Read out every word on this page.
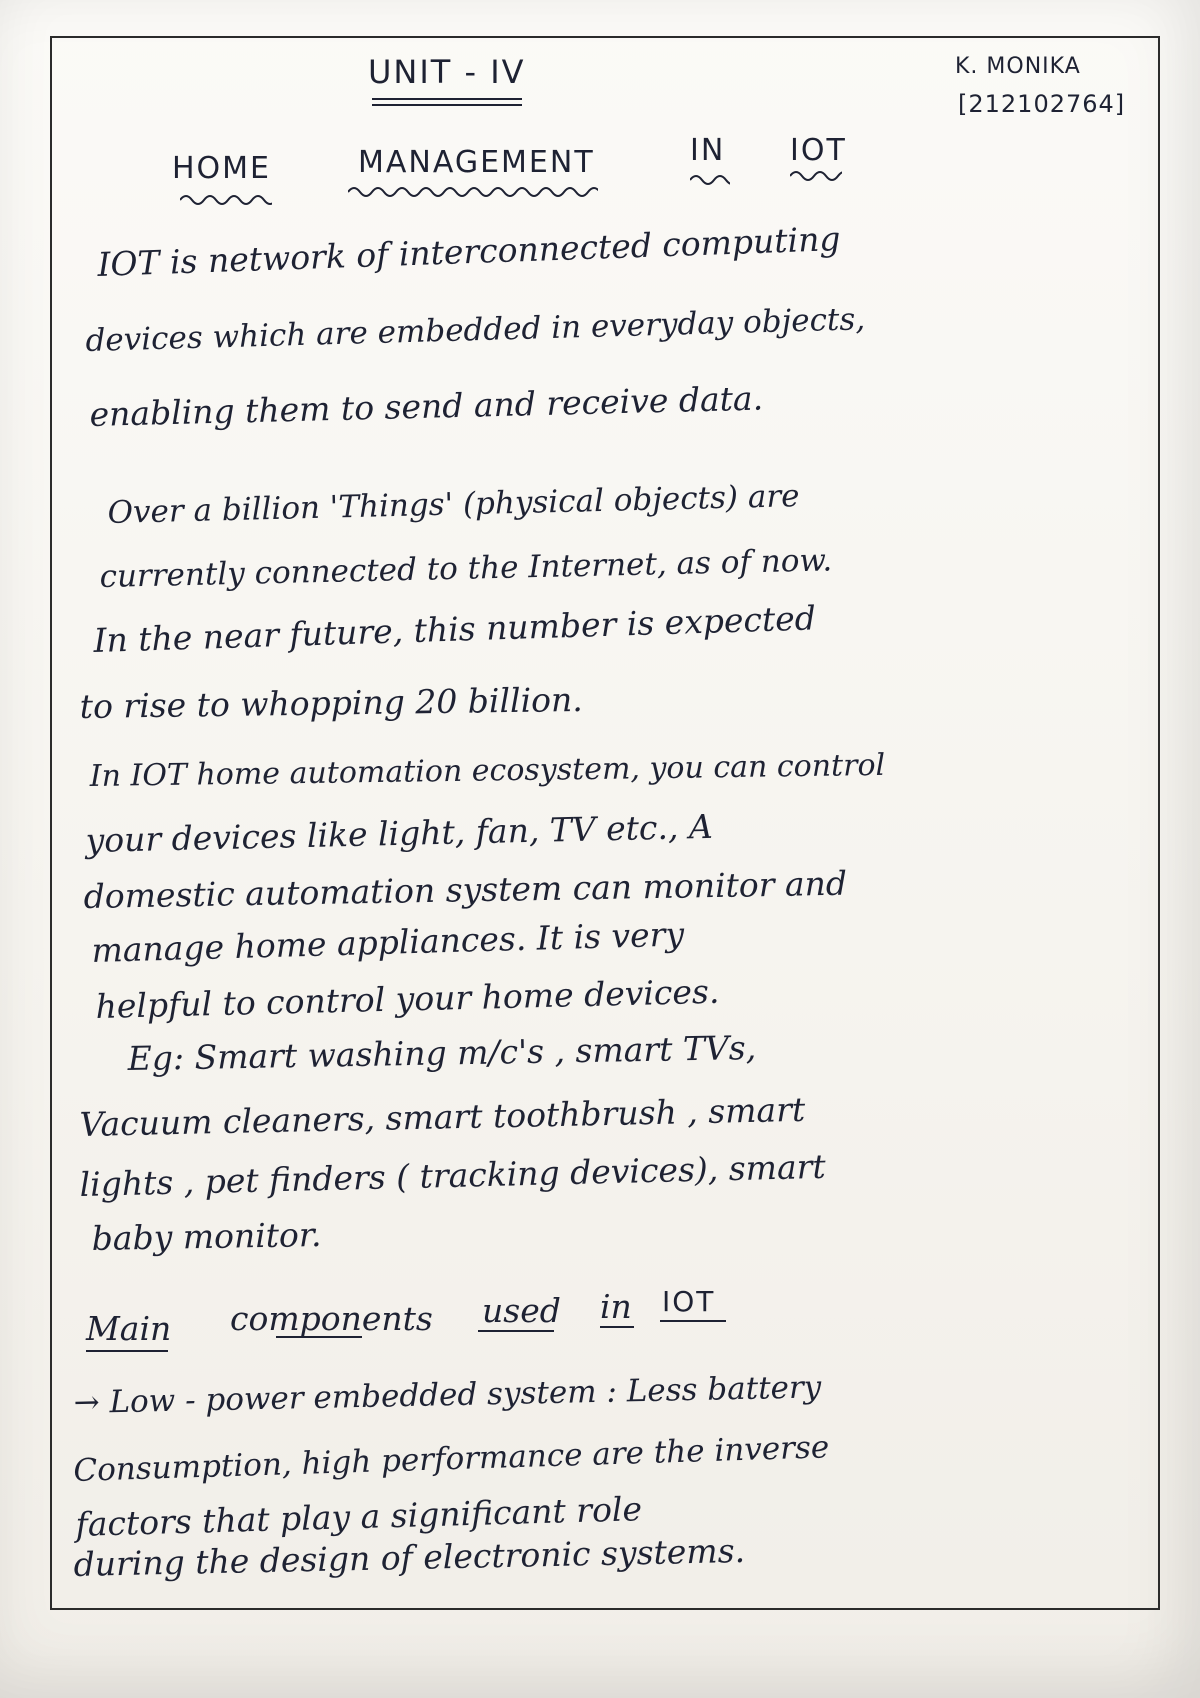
UNIT - IV	K. MONIKA
[212102764]
HOME	MANAGEMENT	IN IOT
IOT is network of interconnected computing
devices which are embedded in everyday objects,
enabling them to send and receive data.
Over a billion 'Things' (physical objects) are
currently connected to the Internet, as of now.
In the near future, this number is expected
to rise to whopping 20 billion.
In IOT home automation ecosystem, you can control
your devices like light, fan, TV etc., A
domestic automation system can monitor and
manage home appliances. It is very
helpful to control your home devices.
Eg: Smart washing m/c's , smart TVs,
Vacuum cleaners, smart toothbrush , smart
lights , pet finders ( tracking devices), smart
baby monitor.
Main components used in IOT
→ Low - power embedded system : Less battery
Consumption, high performance are the inverse
factors that play a significant role
during the design of electronic systems.
